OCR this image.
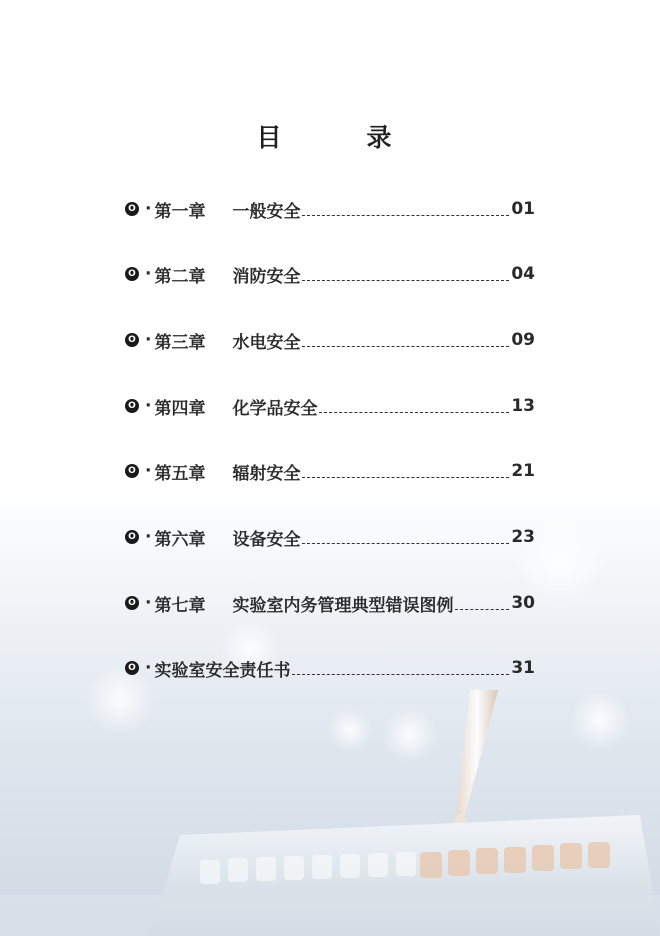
目　录
O · 第一章	一般安全	01
O · 第二章	消防安全	04
O · 第三章	水电安全	09
O · 第四章	化学品安全	13
O · 第五章	辐射安全	21
O · 第六章	设备安全	23
O · 第七章	实验室内务管理典型错误图例	30
O · 实验室安全责任书	31
